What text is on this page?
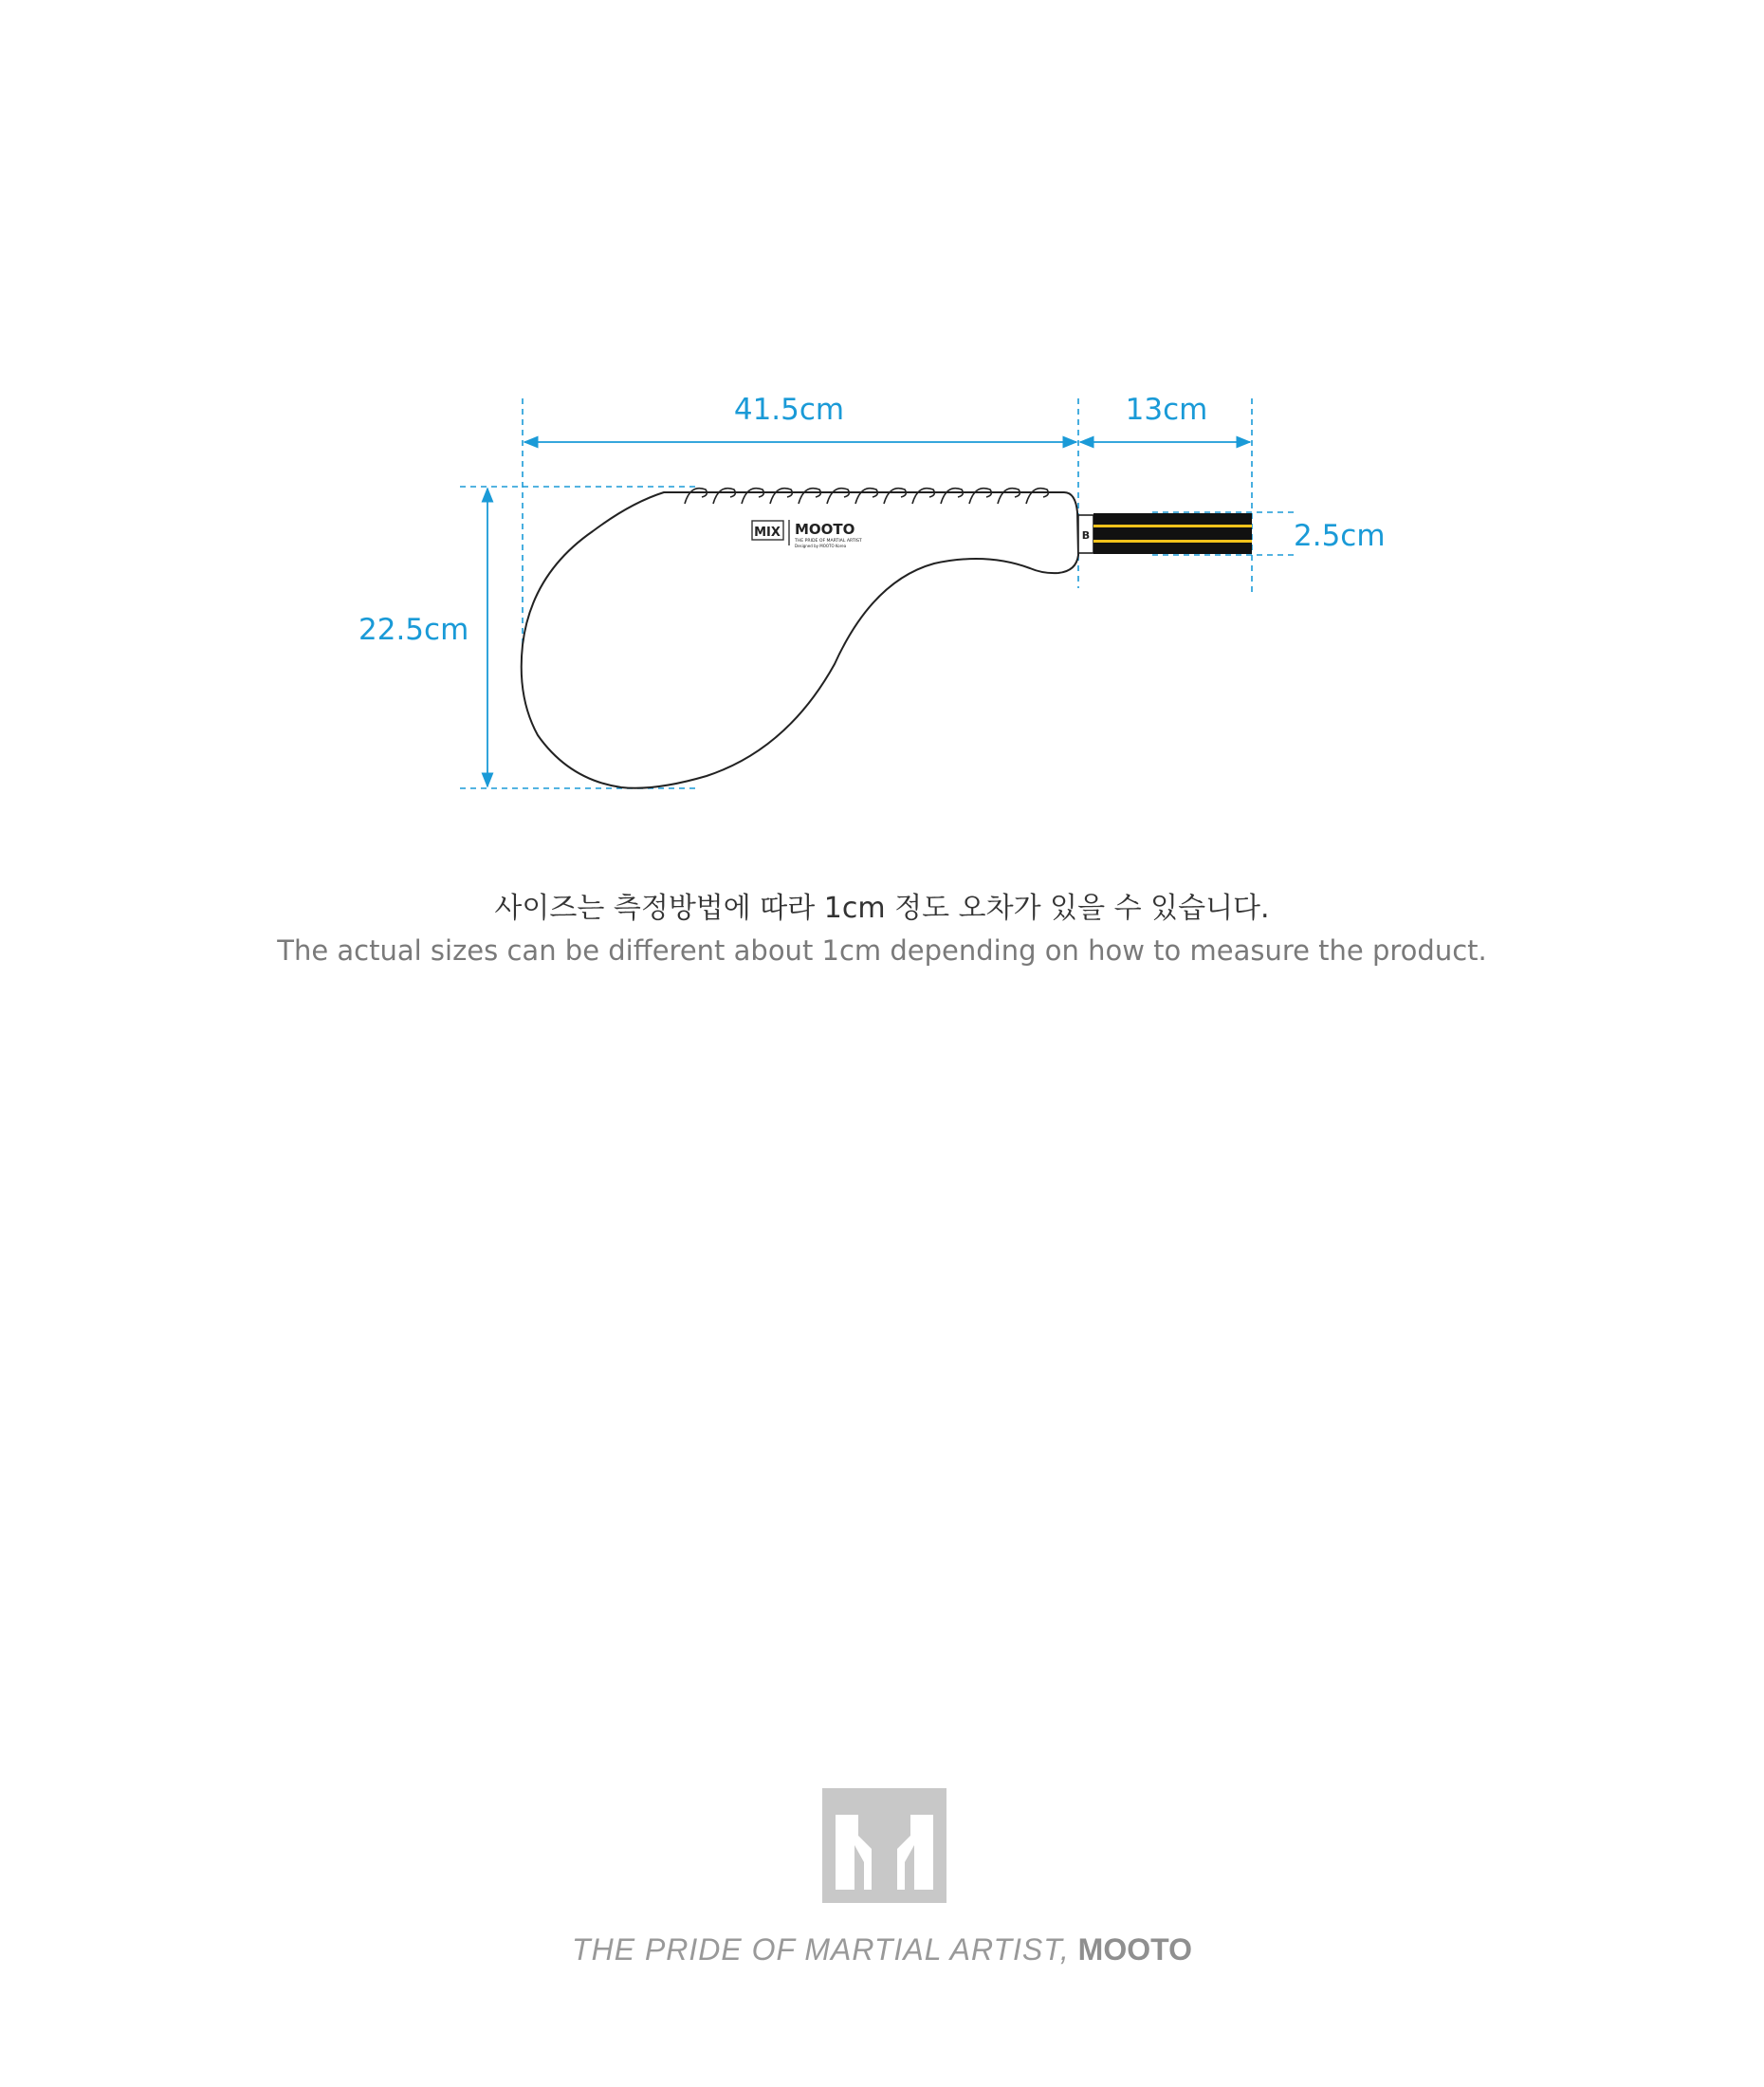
41.5cm	13cm
2.5cm
22.5cm
MIX MOOTO
THE PRIDE OF MARTIAL ARTIST
Designed by MOOTO Korea
B

사이즈는 측정방법에 따라 1cm 정도 오차가 있을 수 있습니다.

The actual sizes can be different about 1cm depending on how to measure the product.

THE PRIDE OF MARTIAL ARTIST, MOOTO
